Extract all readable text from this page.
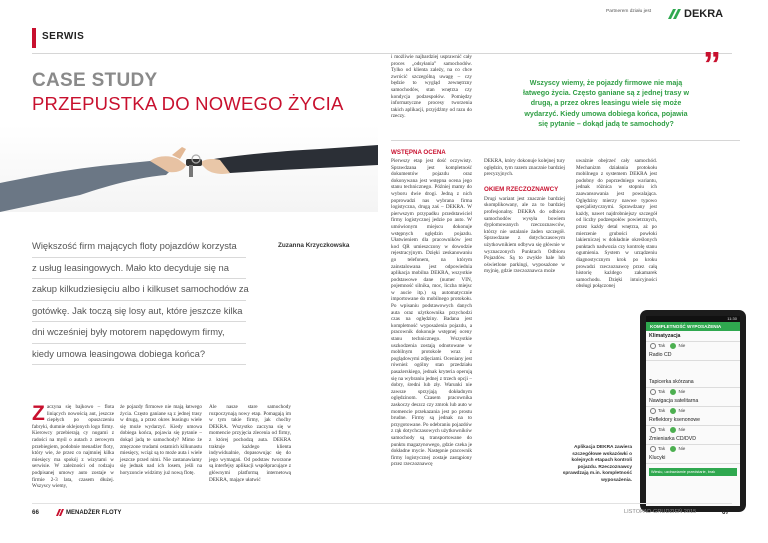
SERWIS
Partnerem działu jest	DEKRA
CASE STUDY
PRZEPUSTKA DO NOWEGO ŻYCIA
Większość firm mających floty pojazdów korzysta
z usług leasingowych. Mało kto decyduje się na
zakup kilkudziesięciu albo i kilkuset samochodów za
gotówkę. Jak toczą się losy aut, które jeszcze kilka
dni wcześniej były motorem napędowym firmy,
kiedy umowa leasingowa dobiega końca?
Zuzanna Krzyczkowska
Z aczyna się bajkowo – flota liniących nowością aut, jeszcze ciepłych po opuszczeniu fabryki, dumnie oklejonych logo firmy. Kierowcy przebierają cy nogami z radości na myśl o autach z zerowym przebiegiem, podobnie menadżer floty, który wie, że przez co najmniej kilka miesięcy ma spokój z wizytami w serwisie. W zależności od rodzaju podpisanej umowy auto zostaje w firmie 2-3 lata, czasem dłużej. Wszyscy wiemy,

że pojazdy firmowe nie mają łatwego życia. Często ganiane są z jednej trasy w drugą, a przez okres leasingu wiele się może wydarzyć. Kiedy umowa dobiega końca, pojawia się pytanie – dokąd jadą te samochody? Mimo że zmęczone trudami ostatnich kilkunastu miesięcy, wciąż są to może auta i wiele jeszcze przed nimi. Nie zastanawiamy się jednak nad ich losem, jeśli na horyzoncie widzimy już nową flotę.

Ale nasze stare samochody rozpoczynają nowy etap. Pomagają im w tym takie firmy, jak choćby DEKRA. Wszystko zaczyna się w momencie przyjęcia zlecenia od firmy, z której pochodzą auta. DEKRA traktuje każdego klienta indywidualnie, dopasowując się do jego wymagań. Od podstaw tworzone są interfejsy aplikacji współpracujące z głównymi platformą internetową DEKRA, mające ułatwić

i możliwie najbardziej usprawnić cały proces „odsyłania” samochodów. Tylko od klienta zależy, na co chce zwrócić szczególną uwagę – czy będzie to wygląd zewnętrzny samochodów, stan wnętrza czy kondycja podzespołów. Pomiędzy informatyczne procesy tworzenia takich aplikacji, przyjdźmy od razu do rzeczy.

Wszyscy wiemy, że pojazdy firmowe nie mają łatwego życia. Często ganiane są z jednej trasy w drugą, a przez okres leasingu wiele się może wydarzyć. Kiedy umowa dobiega końca, pojawia się pytanie – dokąd jadą te samochody?
”
WSTĘPNA OCENA

Pierwszy etap jest dość oczywisty. Sprawdzana jest kompletność dokumentów pojazdu oraz dokonywana jest wstępna ocena jego stanu technicznego. Później mamy do wyboru dwie drogi. Jedną z nich poprowadzi nas wybrana firma logistyczna, drugą zaś – DEKRA. W pierwszym przypadku przedstawiciel firmy logistycznej jedzie po auto. W umówionym miejscu dokonuje wstępnych oględzin pojazdu. Ułatwieniem dla pracowników jest kod QR umieszczony w dowodzie rejestracyjnym. Dzięki zeskanowaniu go telefonem, na którym zainstalowana jest odpowiednia aplikacja mobilna DEKRA, wszystkie podstawowe dane (numer VIN, pojemność silnika, moc, liczba miejsc w aucie itp.) są automatycznie importowane do mobilnego protokołu. Po wpisaniu podstawowych danych auta oraz użytkownika przychodzi czas na oględziny. Badana jest kompletność wyposażenia pojazdu, a pracownik dokonuje wstępnej oceny stanu technicznego. Wszystkie uszkodzenia zostają odnotowane w mobilnym protokole wraz z poglądowymi zdjęciami. Oceniany jest również ogólny stan przedziału pasażerskiego, jednak kryteria operują się na wybraniu jednej z trzech opcji – dobry, średni lub zły. Warunki nie zawsze sprzyjają dokładnym oględzinom. Czasem pracownika zaskoczy deszcz czy zmrok lub auto w momencie przekazania jest po prostu brudne. Firmy są jednak na to przygotowane. Po odebraniu pojazdów z rąk dotychczasowych użytkowników samochody są transportowane do punktu magazynowego, gdzie czeka je dokładne mycie. Następnie pracownik firmy logistycznej zostaje zastąpiony przez rzeczoznawcę

DEKRA, który dokonuje kolejnej tury oględzin, tym razem znacznie bardziej precyzyjnych.

OKIEM RZECZOZNAWCY

Drugi wariant jest znacznie bardziej skomplikowany, ale za to bardziej profesjonalny. DEKRA do odbioru samochodów wysyła bowiem dyplomowanych rzeczoznawców, którzy nie ustalanie żaden szczegół. Sprawdzane z dotychczasowym użytkownikiem odbywa się głównie w wyznaczonych Punktach Odbioru Pojazdów. Są to zwykle hale lub oświetlone parkingi, wyposażone w myjnię, gdzie rzeczoznawca może

uważnie obejrzeć cały samochód. Mechanizm działania protokołu mobilnego z systemem DEKRA jest podobny do poprzedniego wariantu, jednak różnica w stopniu ich zaawansowania jest powalająca. Oględziny mierzy nawwe typowo specjalistycznymi. Sprawdzany jest każdy, nawet najdrobniejszy szczegół od liczby podzespołów powietrznych, przez każdy detal wnętrza, aż po mierzenie grubości powłoki lakierniczej w dokładnie określonych punktach nadwozia czy kontrolę stanu ogumienia. System w urządzeniu diagnostycznym krok po kroku prowadzi rzeczoznawcę przez całą historię każdego zakamarek samochodu. Dzięki intuicyjności obsługi połączonej

11:30
KOMPLETNOŚĆ WYPOSAŻENIA
Klimatyzacja
Tak	Nie
Radio CD
Tapicerka skórzana
Tak	Nie
Nawigacja satelitarna
Tak	Nie
Reflektory ksenonowe
Tak	Nie
Zmieniarka CD/DVD
Tak	Nie
Klucyki
Wiesiu, uzdrawiamie przedstarie, brak
Aplikacja DEKRA zawiera szczegółowe wskazówki o kolejnych etapach kontroli pojazdu. Rzeczoznawcy sprawdzają m.in. kompletność wyposażenia.
66	MENADŻER FLOTY	LISTOPAD-GRUDZIEŃ 2015	67
